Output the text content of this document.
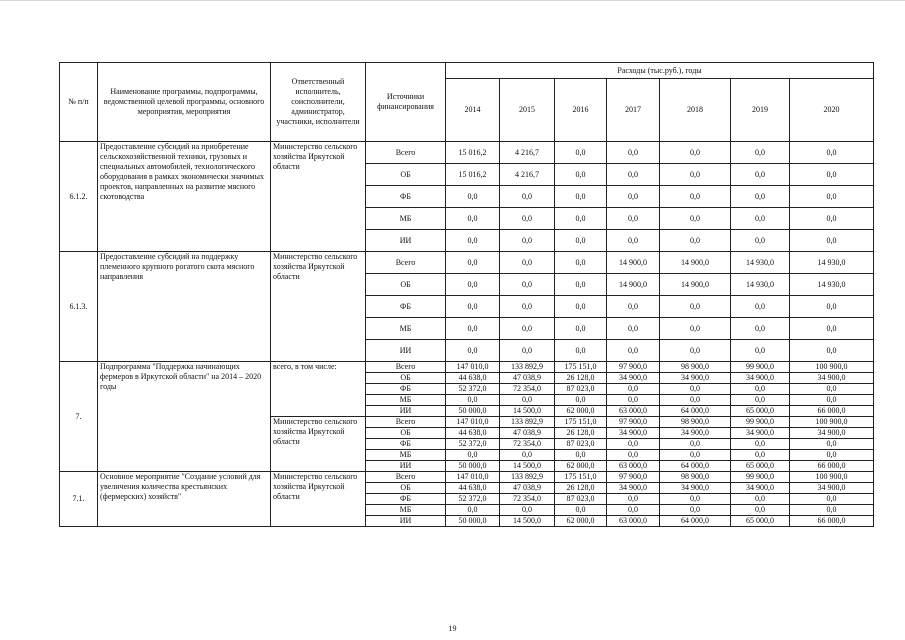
№ п/п	Наименование программы, подпрограммы, ведомственной целевой программы, основного мероприятия, мероприятия	Ответственный исполнитель, соисполнители, администратор, участники, исполнители	Источники финансирования	Расходы (тыс.руб.), годы						
				2014	2015	2016	2017	2018	2019	2020
6.1.2.	Предоставление субсидий на приобретение сельскохозяйственной техники, грузовых и специальных автомобилей, технологического оборудования в рамках экономически значимых проектов, направленных на развитие мясного скотоводства	Министерство сельского хозяйства Иркутской области	Всего	15 016,2	4 216,7	0,0	0,0	0,0	0,0	0,0
			ОБ	15 016,2	4 216,7	0,0	0,0	0,0	0,0	0,0
			ФБ	0,0	0,0	0,0	0,0	0,0	0,0	0,0
			МБ	0,0	0,0	0,0	0,0	0,0	0,0	0,0
			ИИ	0,0	0,0	0,0	0,0	0,0	0,0	0,0
6.1.3.	Предоставление субсидий на поддержку племенного крупного рогатого скота мясного направления	Министерство сельского хозяйства Иркутской области	Всего	0,0	0,0	0,0	14 900,0	14 900,0	14 930,0	14 930,0
			ОБ	0,0	0,0	0,0	14 900,0	14 900,0	14 930,0	14 930,0
			ФБ	0,0	0,0	0,0	0,0	0,0	0,0	0,0
			МБ	0,0	0,0	0,0	0,0	0,0	0,0	0,0
			ИИ	0,0	0,0	0,0	0,0	0,0	0,0	0,0
7.	Подпрограмма "Поддержка начинающих фермеров в Иркутской области" на 2014 – 2020 годы	всего, в том числе:	Всего	147 010,0	133 892,9	175 151,0	97 900,0	98 900,0	99 900,0	100 900,0
			ОБ	44 638,0	47 038,9	26 128,0	34 900,0	34 900,0	34 900,0	34 900,0
			ФБ	52 372,0	72 354,0	87 023,0	0,0	0,0	0,0	0,0
			МБ	0,0	0,0	0,0	0,0	0,0	0,0	0,0
			ИИ	50 000,0	14 500,0	62 000,0	63 000,0	64 000,0	65 000,0	66 000,0
		Министерство сельского хозяйства Иркутской области	Всего	147 010,0	133 892,9	175 151,0	97 900,0	98 900,0	99 900,0	100 900,0
			ОБ	44 638,0	47 038,9	26 128,0	34 900,0	34 900,0	34 900,0	34 900,0
			ФБ	52 372,0	72 354,0	87 023,0	0,0	0,0	0,0	0,0
			МБ	0,0	0,0	0,0	0,0	0,0	0,0	0,0
			ИИ	50 000,0	14 500,0	62 000,0	63 000,0	64 000,0	65 000,0	66 000,0
7.1.	Основное мероприятие "Создание условий для увеличения количества крестьянских (фермерских) хозяйств"	Министерство сельского хозяйства Иркутской области	Всего	147 010,0	133 892,9	175 151,0	97 900,0	98 900,0	99 900,0	100 900,0
			ОБ	44 638,0	47 038,9	26 128,0	34 900,0	34 900,0	34 900,0	34 900,0
			ФБ	52 372,0	72 354,0	87 023,0	0,0	0,0	0,0	0,0
			МБ	0,0	0,0	0,0	0,0	0,0	0,0	0,0
			ИИ	50 000,0	14 500,0	62 000,0	63 000,0	64 000,0	65 000,0	66 000,0
19
